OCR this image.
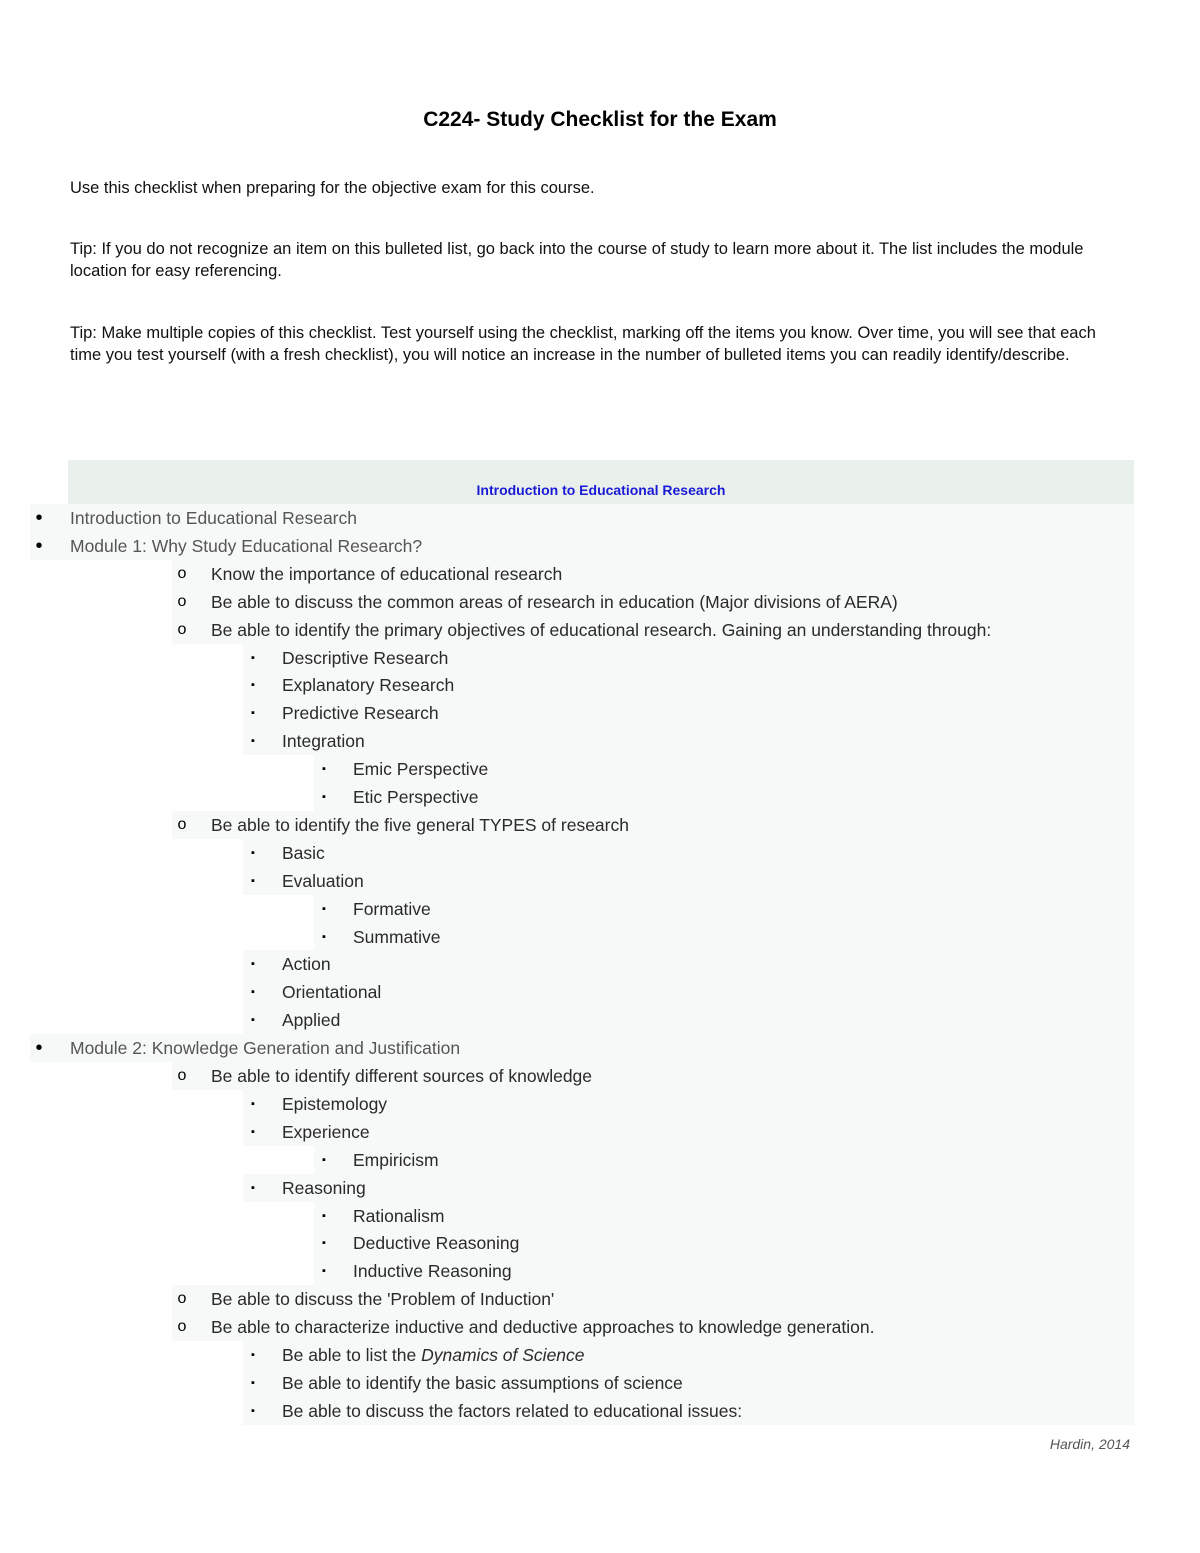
C224- Study Checklist for the Exam
Use this checklist when preparing for the objective exam for this course.
Tip: If you do not recognize an item on this bulleted list, go back into the course of study to learn more about it. The list includes the module location for easy referencing.
Tip: Make multiple copies of this checklist. Test yourself using the checklist, marking off the items you know. Over time, you will see that each time you test yourself (with a fresh checklist), you will notice an increase in the number of bulleted items you can readily identify/describe.
Introduction to Educational Research
•	Introduction to Educational Research
•	Module 1: Why Study Educational Research?
o	Know the importance of educational research
o	Be able to discuss the common areas of research in education (Major divisions of AERA)
o	Be able to identify the primary objectives of educational research. Gaining an understanding through:
▪	Descriptive Research
▪	Explanatory Research
▪	Predictive Research
▪	Integration
▪	Emic Perspective
▪	Etic Perspective
o	Be able to identify the five general TYPES of research
▪	Basic
▪	Evaluation
▪	Formative
▪	Summative
▪	Action
▪	Orientational
▪	Applied
•	Module 2: Knowledge Generation and Justification
o	Be able to identify different sources of knowledge
▪	Epistemology
▪	Experience
▪	Empiricism
▪	Reasoning
▪	Rationalism
▪	Deductive Reasoning
▪	Inductive Reasoning
o	Be able to discuss the 'Problem of Induction'
o	Be able to characterize inductive and deductive approaches to knowledge generation.
▪	Be able to list the Dynamics of Science
▪	Be able to identify the basic assumptions of science
▪	Be able to discuss the factors related to educational issues:
Hardin, 2014
